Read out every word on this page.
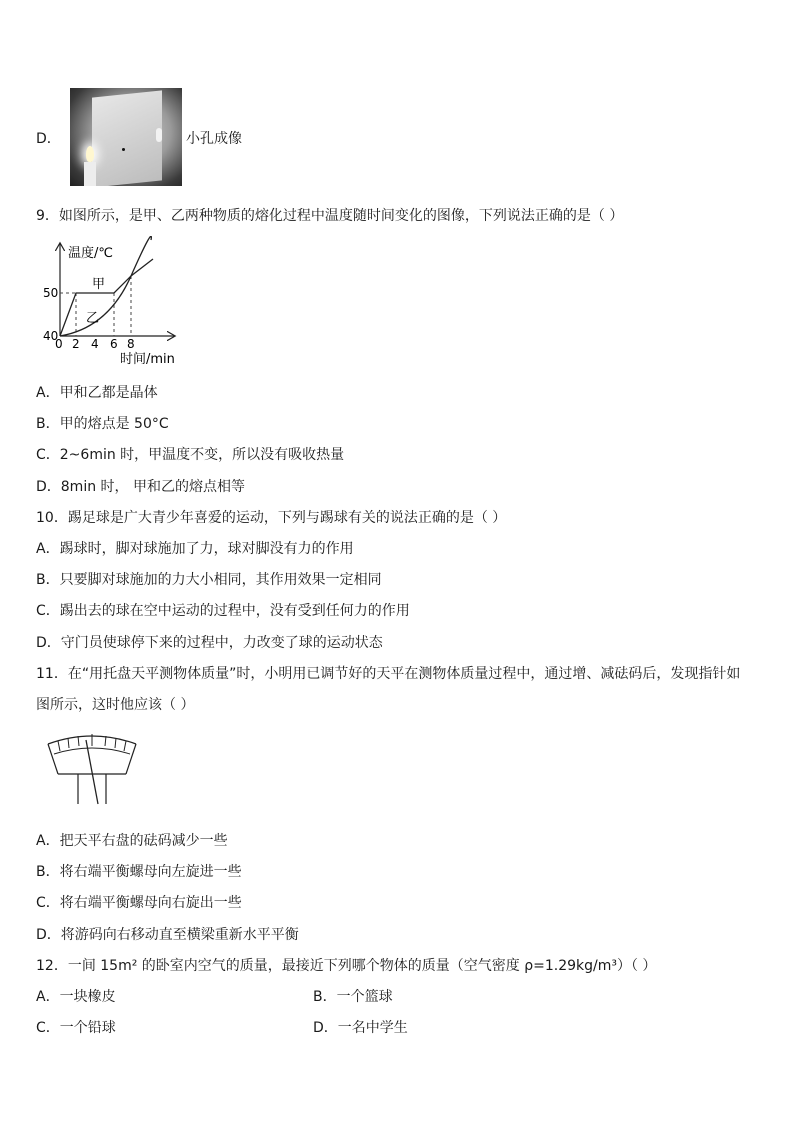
D．	小孔成像
9．如图所示，是甲、乙两种物质的熔化过程中温度随时间变化的图像，下列说法正确的是（ ）
温度/℃
时间/min
50
40
0 2 4 6 8
甲
乙
A．甲和乙都是晶体
B．甲的熔点是 50°C
C．2~6min 时，甲温度不变，所以没有吸收热量
D．8min 时， 甲和乙的熔点相等
10．踢足球是广大青少年喜爱的运动，下列与踢球有关的说法正确的是（ ）
A．踢球时，脚对球施加了力，球对脚没有力的作用
B．只要脚对球施加的力大小相同，其作用效果一定相同
C．踢出去的球在空中运动的过程中，没有受到任何力的作用
D．守门员使球停下来的过程中，力改变了球的运动状态
11．在“用托盘天平测物体质量”时，小明用已调节好的天平在测物体质量过程中，通过增、减砝码后，发现指针如
图所示，这时他应该（ ）
A．把天平右盘的砝码减少一些
B．将右端平衡螺母向左旋进一些
C．将右端平衡螺母向右旋出一些
D．将游码向右移动直至横梁重新水平平衡
12．一间 15m² 的卧室内空气的质量，最接近下列哪个物体的质量（空气密度 ρ=1.29kg/m³）（ ）
A．一块橡皮	B．一个篮球
C．一个铅球	D．一名中学生
